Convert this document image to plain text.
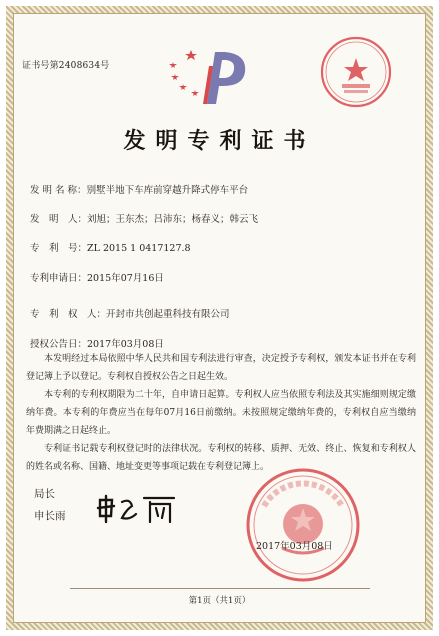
证书号第2408634号
发明专利证书
发 明 名 称：别墅半地下车库前穿越升降式停车平台
发　明　人：刘旭；王东杰；吕沛东；杨春义；韩云飞
专　利　号：ZL 2015 1 0417127.8
专利申请日：2015年07月16日
专　利　权　人：开封市共创起重科技有限公司
授权公告日：2017年03月08日
本发明经过本局依照中华人民共和国专利法进行审查，决定授予专利权，颁发本证书并在专利登记簿上予以登记。专利权自授权公告之日起生效。
本专利的专利权期限为二十年，自申请日起算。专利权人应当依照专利法及其实施细则规定缴纳年费。本专利的年费应当在每年07月16日前缴纳。未按照规定缴纳年费的，专利权自应当缴纳年费期满之日起终止。
专利证书记载专利权登记时的法律状况。专利权的转移、质押、无效、终止、恢复和专利权人的姓名或名称、国籍、地址变更等事项记载在专利登记簿上。
局长
申长雨
2017年03月08日
第1页（共1页）
